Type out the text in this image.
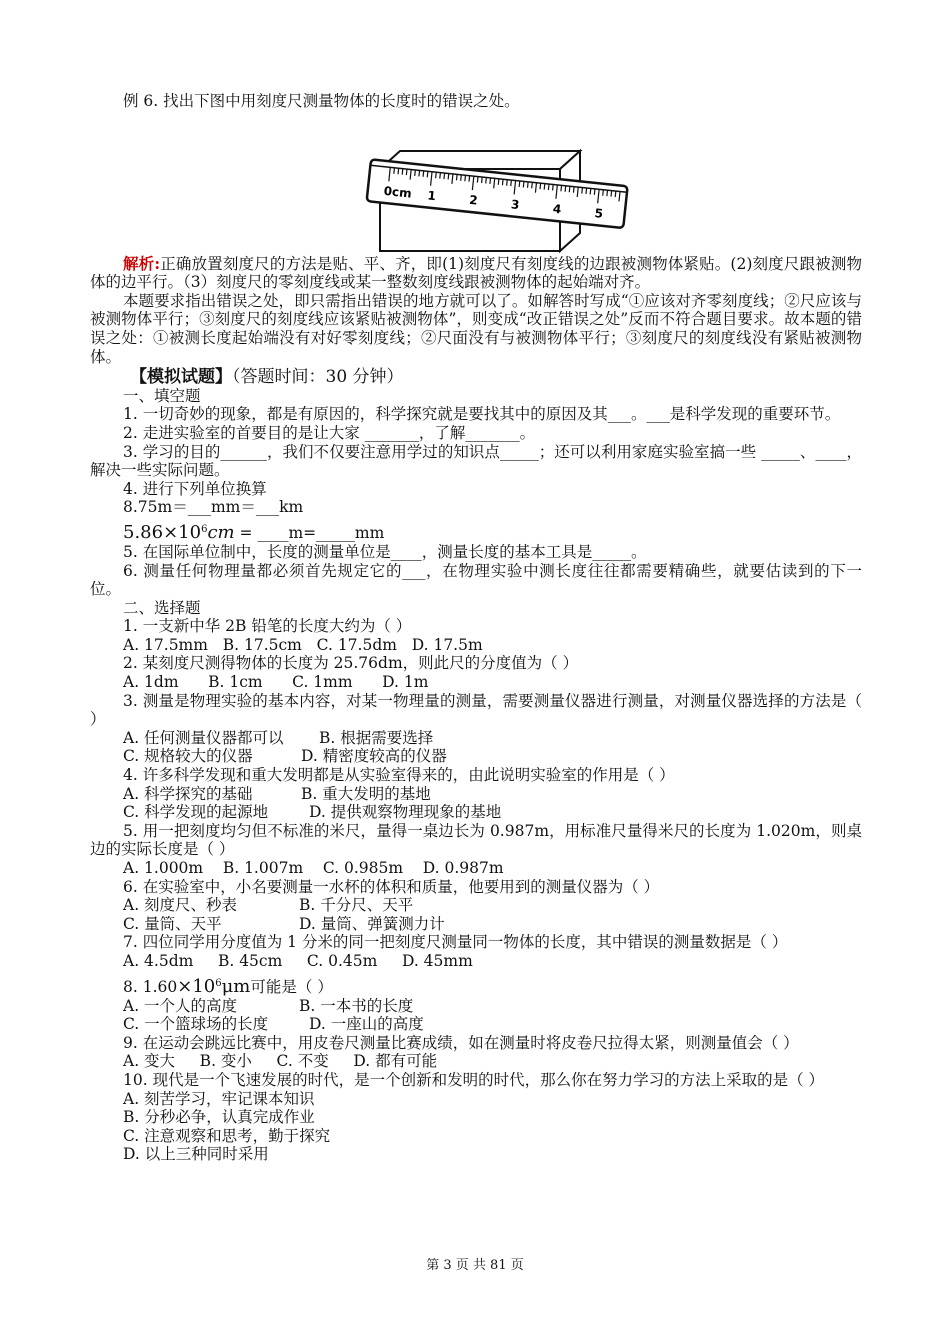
例 6. 找出下图中用刻度尺测量物体的长度时的错误之处。
0cm 1	2	3	4	5
解析:正确放置刻度尺的方法是贴、平、齐，即(1)刻度尺有刻度线的边跟被测物体紧贴。(2)刻度尺跟被测物体的边平行。（3）刻度尺的零刻度线或某一整数刻度线跟被测物体的起始端对齐。
本题要求指出错误之处，即只需指出错误的地方就可以了。如解答时写成“①应该对齐零刻度线；②尺应该与被测物体平行；③刻度尺的刻度线应该紧贴被测物体”，则变成“改正错误之处”反而不符合题目要求。故本题的错误之处：①被测长度起始端没有对好零刻度线；②尺面没有与被测物体平行；③刻度尺的刻度线没有紧贴被测物体。
【模拟试题】（答题时间：30 分钟）
一、填空题
1. 一切奇妙的现象，都是有原因的，科学探究就是要找其中的原因及其___。___是科学发现的重要环节。
2. 走进实验室的首要目的是让大家 _______，了解_______。
3. 学习的目的______，我们不仅要注意用学过的知识点_____；还可以利用家庭实验室搞一些 _____、____，解决一些实际问题。
4. 进行下列单位换算
8.75m＝___mm＝___km
$5.86\times 10^6cm$ = ____m=_____mm
5. 在国际单位制中，长度的测量单位是____，测量长度的基本工具是_____。
6. 测量任何物理量都必须首先规定它的___，在物理实验中测长度往往都需要精确些，就要估读到的下一位。
二、选择题
1. 一支新中华 2B 铅笔的长度大约为（ ）
A. 17.5mm   B. 17.5cm   C. 17.5dm   D. 17.5m
2. 某刻度尺测得物体的长度为 25.76dm，则此尺的分度值为（ ）
A. 1dm      B. 1cm      C. 1mm      D. 1m
3. 测量是物理实验的基本内容，对某一物理量的测量，需要测量仪器进行测量，对测量仪器选择的方法是（ ）
A. 任何测量仪器都可以 B. 根据需要选择
C. 规格较大的仪器	D. 精密度较高的仪器
4. 许多科学发现和重大发明都是从实验室得来的，由此说明实验室的作用是（ ）
A. 科学探究的基础	B. 重大发明的基地
C. 科学发现的起源地	D. 提供观察物理现象的基地
5. 用一把刻度均匀但不标准的米尺，量得一桌边长为 0.987m，用标准尺量得米尺的长度为 1.020m，则桌边的实际长度是（ ）
A. 1.000m    B. 1.007m    C. 0.985m    D. 0.987m
6. 在实验室中，小名要测量一水杯的体积和质量，他要用到的测量仪器为（ ）
A. 刻度尺、秒表	B. 千分尺、天平
C. 量筒、天平	D. 量筒、弹簧测力计
7. 四位同学用分度值为 1 分米的同一把刻度尺测量同一物体的长度，其中错误的测量数据是（ ）
A. 4.5dm     B. 45cm     C. 0.45m     D. 45mm
8. $1.60\times 10^6\mu m$可能是（ ）
A. 一个人的高度	B. 一本书的长度
C. 一个篮球场的长度	D. 一座山的高度
9. 在运动会跳远比赛中，用皮卷尺测量比赛成绩，如在测量时将皮卷尺拉得太紧，则测量值会（ ）
A. 变大     B. 变小     C. 不变     D. 都有可能
10. 现代是一个飞速发展的时代，是一个创新和发明的时代，那么你在努力学习的方法上采取的是（ ）
A. 刻苦学习，牢记课本知识
B. 分秒必争，认真完成作业
C. 注意观察和思考，勤于探究
D. 以上三种同时采用
第 3 页 共 81 页
